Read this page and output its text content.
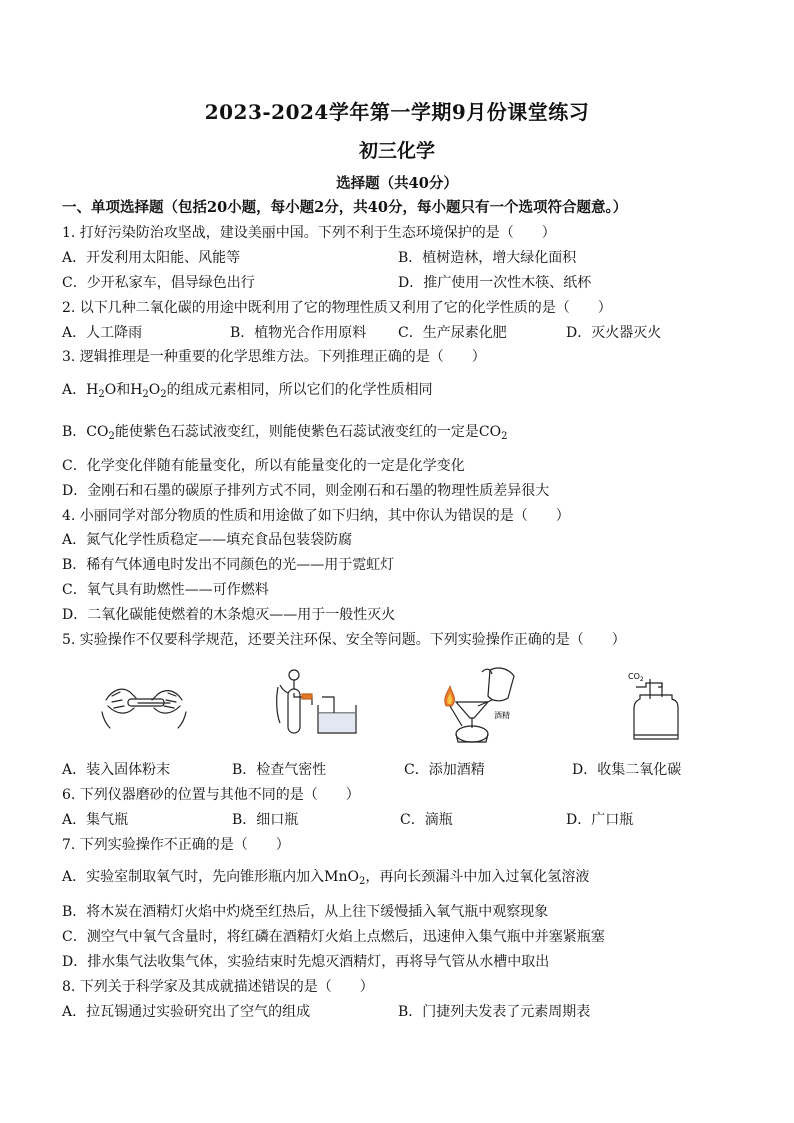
2023-2024学年第一学期9月份课堂练习
初三化学
选择题（共40分）
一、单项选择题（包括20小题，每小题2分，共40分，每小题只有一个选项符合题意。）
1. 打好污染防治攻坚战，建设美丽中国。下列不利于生态环境保护的是（　　）
A．开发利用太阳能、风能等	B．植树造林，增大绿化面积
C．少开私家车，倡导绿色出行	D．推广使用一次性木筷、纸杯
2. 以下几种二氧化碳的用途中既利用了它的物理性质又利用了它的化学性质的是（　　）
A．人工降雨	B．植物光合作用原料 C．生产尿素化肥	D．灭火器灭火
3. 逻辑推理是一种重要的化学思维方法。下列推理正确的是（　　）
A．$H_2O$和$H_2O_2$的组成元素相同，所以它们的化学性质相同
B．$CO_2$能使紫色石蕊试液变红，则能使紫色石蕊试液变红的一定是$CO_2$
C．化学变化伴随有能量变化，所以有能量变化的一定是化学变化
D．金刚石和石墨的碳原子排列方式不同，则金刚石和石墨的物理性质差异很大
4. 小丽同学对部分物质的性质和用途做了如下归纳，其中你认为错误的是（　　）
A．氮气化学性质稳定——填充食品包装袋防腐
B．稀有气体通电时发出不同颜色的光——用于霓虹灯
C．氧气具有助燃性——可作燃料
D．二氧化碳能使燃着的木条熄灭——用于一般性灭火
5. 实验操作不仅要科学规范，还要关注环保、安全等问题。下列实验操作正确的是（　　）
酒精
$CO_2$
A．装入固体粉末	B．检查气密性	C．添加酒精	D．收集二氧化碳
6. 下列仪器磨砂的位置与其他不同的是（　　）
A．集气瓶	B．细口瓶	C．滴瓶	D．广口瓶
7. 下列实验操作不正确的是（　　）
A．实验室制取氧气时，先向锥形瓶内加入MnO$_2$，再向长颈漏斗中加入过氧化氢溶液
B．将木炭在酒精灯火焰中灼烧至红热后，从上往下缓慢插入氧气瓶中观察现象
C．测空气中氧气含量时，将红磷在酒精灯火焰上点燃后，迅速伸入集气瓶中并塞紧瓶塞
D．排水集气法收集气体，实验结束时先熄灭酒精灯，再将导气管从水槽中取出
8. 下列关于科学家及其成就描述错误的是（　　）
A．拉瓦锡通过实验研究出了空气的组成	B．门捷列夫发表了元素周期表
